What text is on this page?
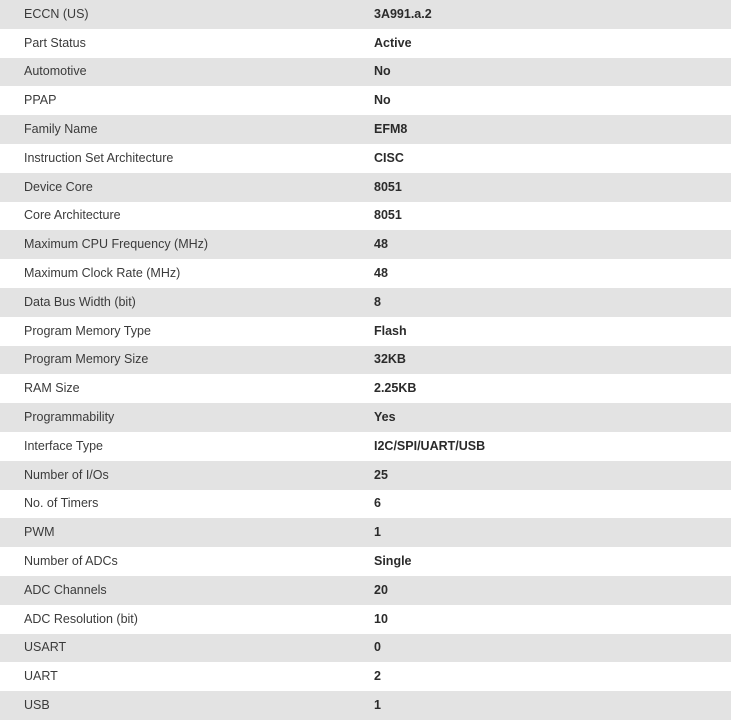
ECCN (US)	3A991.a.2
Part Status	Active
Automotive	No
PPAP	No
Family Name	EFM8
Instruction Set Architecture	CISC
Device Core	8051
Core Architecture	8051
Maximum CPU Frequency (MHz)	48
Maximum Clock Rate (MHz)	48
Data Bus Width (bit)	8
Program Memory Type	Flash
Program Memory Size	32KB
RAM Size	2.25KB
Programmability	Yes
Interface Type	I2C/SPI/UART/USB
Number of I/Os	25
No. of Timers	6
PWM	1
Number of ADCs	Single
ADC Channels	20
ADC Resolution (bit)	10
USART	0
UART	2
USB	1
